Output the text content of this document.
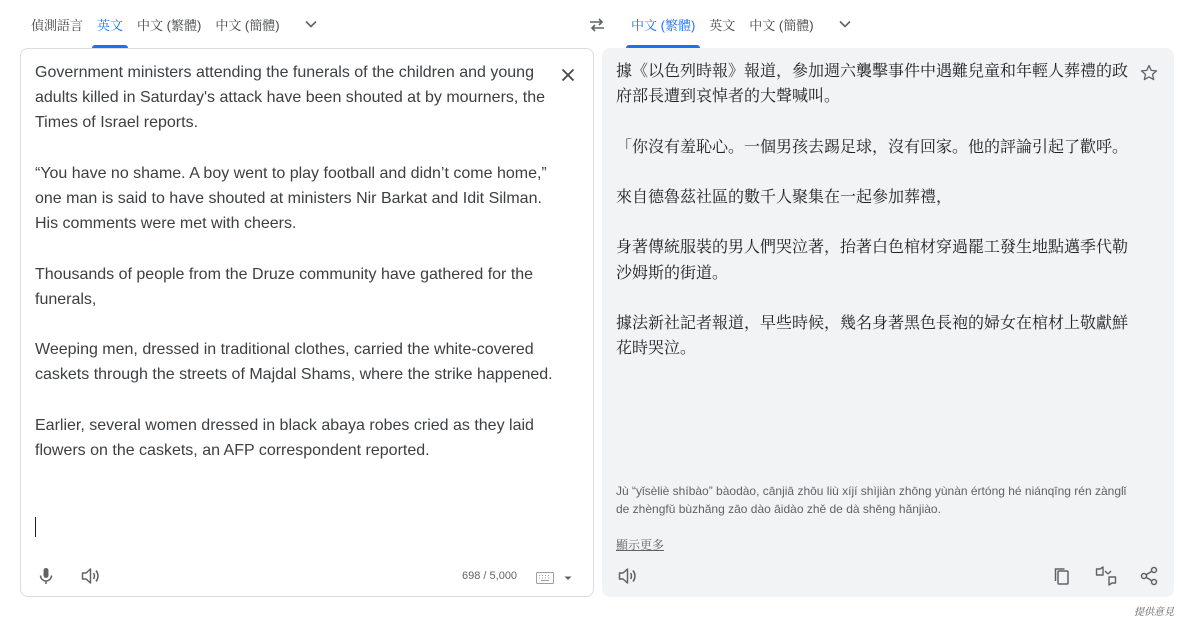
偵測語言	英文	中文 (繁體)	中文 (簡體)	中文 (繁體)	英文	中文 (簡體)
Government ministers attending the funerals of the children and young adults killed in Saturday's attack have been shouted at by mourners, the Times of Israel reports.

“You have no shame. A boy went to play football and didn’t come home,” one man is said to have shouted at ministers Nir Barkat and Idit Silman. His comments were met with cheers.

Thousands of people from the Druze community have gathered for the funerals,

Weeping men, dressed in traditional clothes, carried the white-covered caskets through the streets of Majdal Shams, where the strike happened.

Earlier, several women dressed in black abaya robes cried as they laid flowers on the caskets, an AFP correspondent reported.
698 / 5,000
據《以色列時報》報道，參加週六襲擊事件中遇難兒童和年輕人葬禮的政府部長遭到哀悼者的大聲喊叫。

「你沒有羞恥心。一個男孩去踢足球，沒有回家。他的評論引起了歡呼。

來自德魯茲社區的數千人聚集在一起參加葬禮，

身著傳統服裝的男人們哭泣著，抬著白色棺材穿過罷工發生地點邁季代勒沙姆斯的街道。

據法新社記者報道，早些時候，幾名身著黑色長袍的婦女在棺材上敬獻鮮花時哭泣。
Jù “yǐsèliè shíbào” bàodào, cānjiā zhōu liù xíjí shìjiàn zhōng yùnàn értóng hé niánqīng rén zànglǐ de zhèngfǔ bùzhǎng zāo dào āidào zhě de dà shēng hǎnjiào.
顯示更多
提供意見
